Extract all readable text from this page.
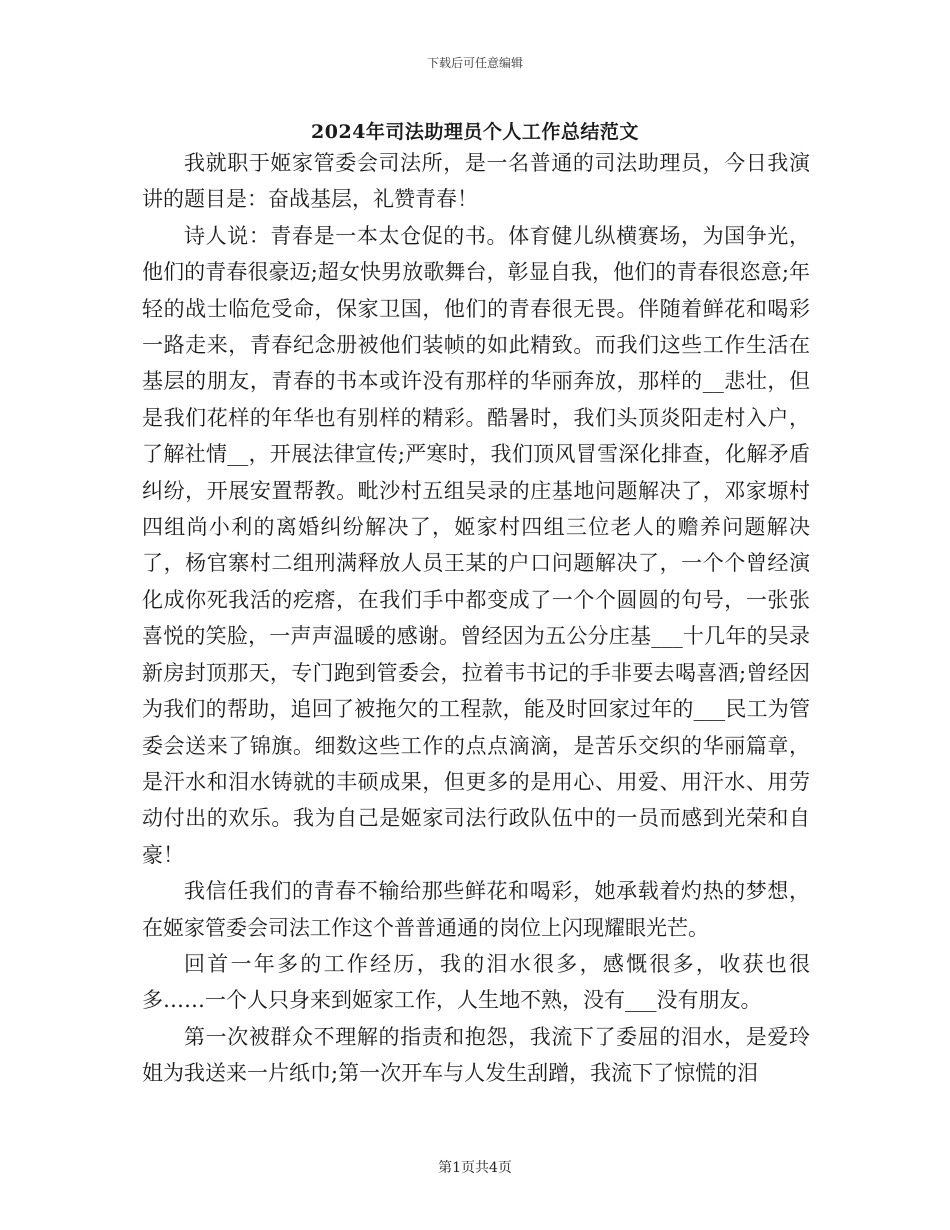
下载后可任意编辑
2024年司法助理员个人工作总结范文

我就职于姬家管委会司法所，是一名普通的司法助理员，今日我演讲的题目是：奋战基层，礼赞青春！

诗人说：青春是一本太仓促的书。体育健儿纵横赛场，为国争光，他们的青春很豪迈;超女快男放歌舞台，彰显自我，他们的青春很恣意;年轻的战士临危受命，保家卫国，他们的青春很无畏。伴随着鲜花和喝彩一路走来，青春纪念册被他们装帧的如此精致。而我们这些工作生活在基层的朋友，青春的书本或许没有那样的华丽奔放，那样的__悲壮，但是我们花样的年华也有别样的精彩。酷暑时，我们头顶炎阳走村入户，了解社情__，开展法律宣传;严寒时，我们顶风冒雪深化排查，化解矛盾纠纷，开展安置帮教。毗沙村五组吴录的庄基地问题解决了，邓家塬村四组尚小利的离婚纠纷解决了，姬家村四组三位老人的赡养问题解决了，杨官寨村二组刑满释放人员王某的户口问题解决了，一个个曾经演化成你死我活的疙瘩，在我们手中都变成了一个个圆圆的句号，一张张喜悦的笑脸，一声声温暖的感谢。曾经因为五公分庄基___十几年的吴录新房封顶那天，专门跑到管委会，拉着韦书记的手非要去喝喜酒;曾经因为我们的帮助，追回了被拖欠的工程款，能及时回家过年的___民工为管委会送来了锦旗。细数这些工作的点点滴滴，是苦乐交织的华丽篇章，是汗水和泪水铸就的丰硕成果，但更多的是用心、用爱、用汗水、用劳动付出的欢乐。我为自己是姬家司法行政队伍中的一员而感到光荣和自豪！

我信任我们的青春不输给那些鲜花和喝彩，她承载着灼热的梦想，在姬家管委会司法工作这个普普通通的岗位上闪现耀眼光芒。

回首一年多的工作经历，我的泪水很多，感慨很多，收获也很多……一个人只身来到姬家工作，人生地不熟，没有___没有朋友。

第一次被群众不理解的指责和抱怨，我流下了委屈的泪水，是爱玲姐为我送来一片纸巾;第一次开车与人发生刮蹭，我流下了惊慌的泪

第1页共4页
